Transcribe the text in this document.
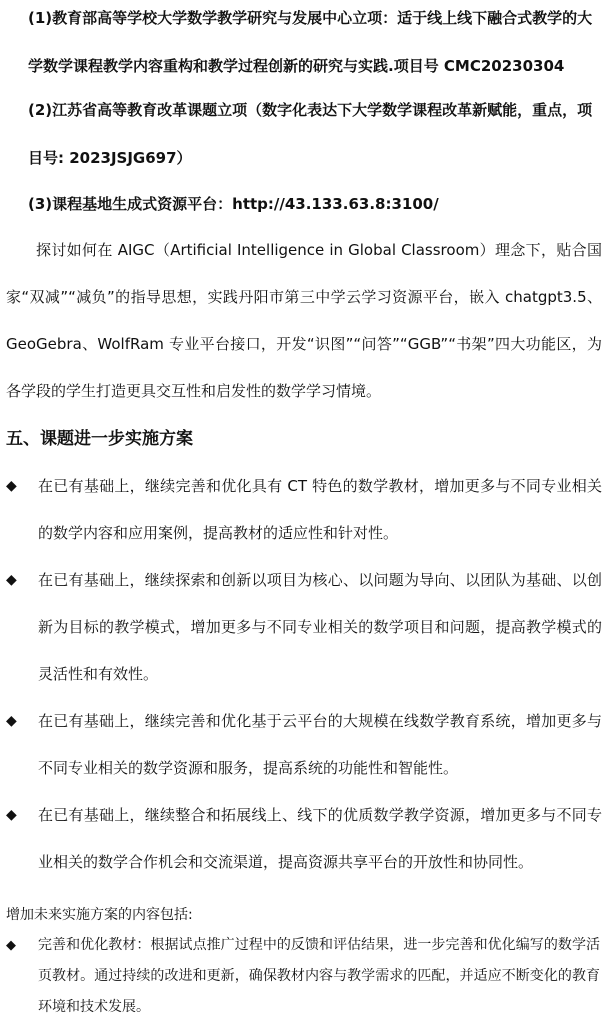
(1)教育部高等学校大学数学教学研究与发展中心立项：适于线上线下融合式教学的大学数学课程教学内容重构和教学过程创新的研究与实践.项目号 CMC20230304

(2)江苏省高等教育改革课题立项（数字化表达下大学数学课程改革新赋能，重点，项目号: 2023JSJG697）

(3)课程基地生成式资源平台：http://43.133.63.8:3100/

探讨如何在 AIGC（Artificial Intelligence in Global Classroom）理念下，贴合国家“双减”“减负”的指导思想，实践丹阳市第三中学云学习资源平台，嵌入 chatgpt3.5、GeoGebra、WolfRam 专业平台接口，开发“识图”“问答”“GGB”“书架”四大功能区，为各学段的学生打造更具交互性和启发性的数学学习情境。

五、课题进一步实施方案
◆ 在已有基础上，继续完善和优化具有 CT 特色的数学教材，增加更多与不同专业相关的数学内容和应用案例，提高教材的适应性和针对性。
◆ 在已有基础上，继续探索和创新以项目为核心、以问题为导向、以团队为基础、以创新为目标的教学模式，增加更多与不同专业相关的数学项目和问题，提高教学模式的灵活性和有效性。
◆ 在已有基础上，继续完善和优化基于云平台的大规模在线数学教育系统，增加更多与不同专业相关的数学资源和服务，提高系统的功能性和智能性。
◆ 在已有基础上，继续整合和拓展线上、线下的优质数学教学资源，增加更多与不同专业相关的数学合作机会和交流渠道，提高资源共享平台的开放性和协同性。

增加未来实施方案的内容包括:

◆ 完善和优化教材：根据试点推广过程中的反馈和评估结果，进一步完善和优化编写的数学活页教材。通过持续的改进和更新，确保教材内容与教学需求的匹配，并适应不断变化的教育环境和技术发展。
